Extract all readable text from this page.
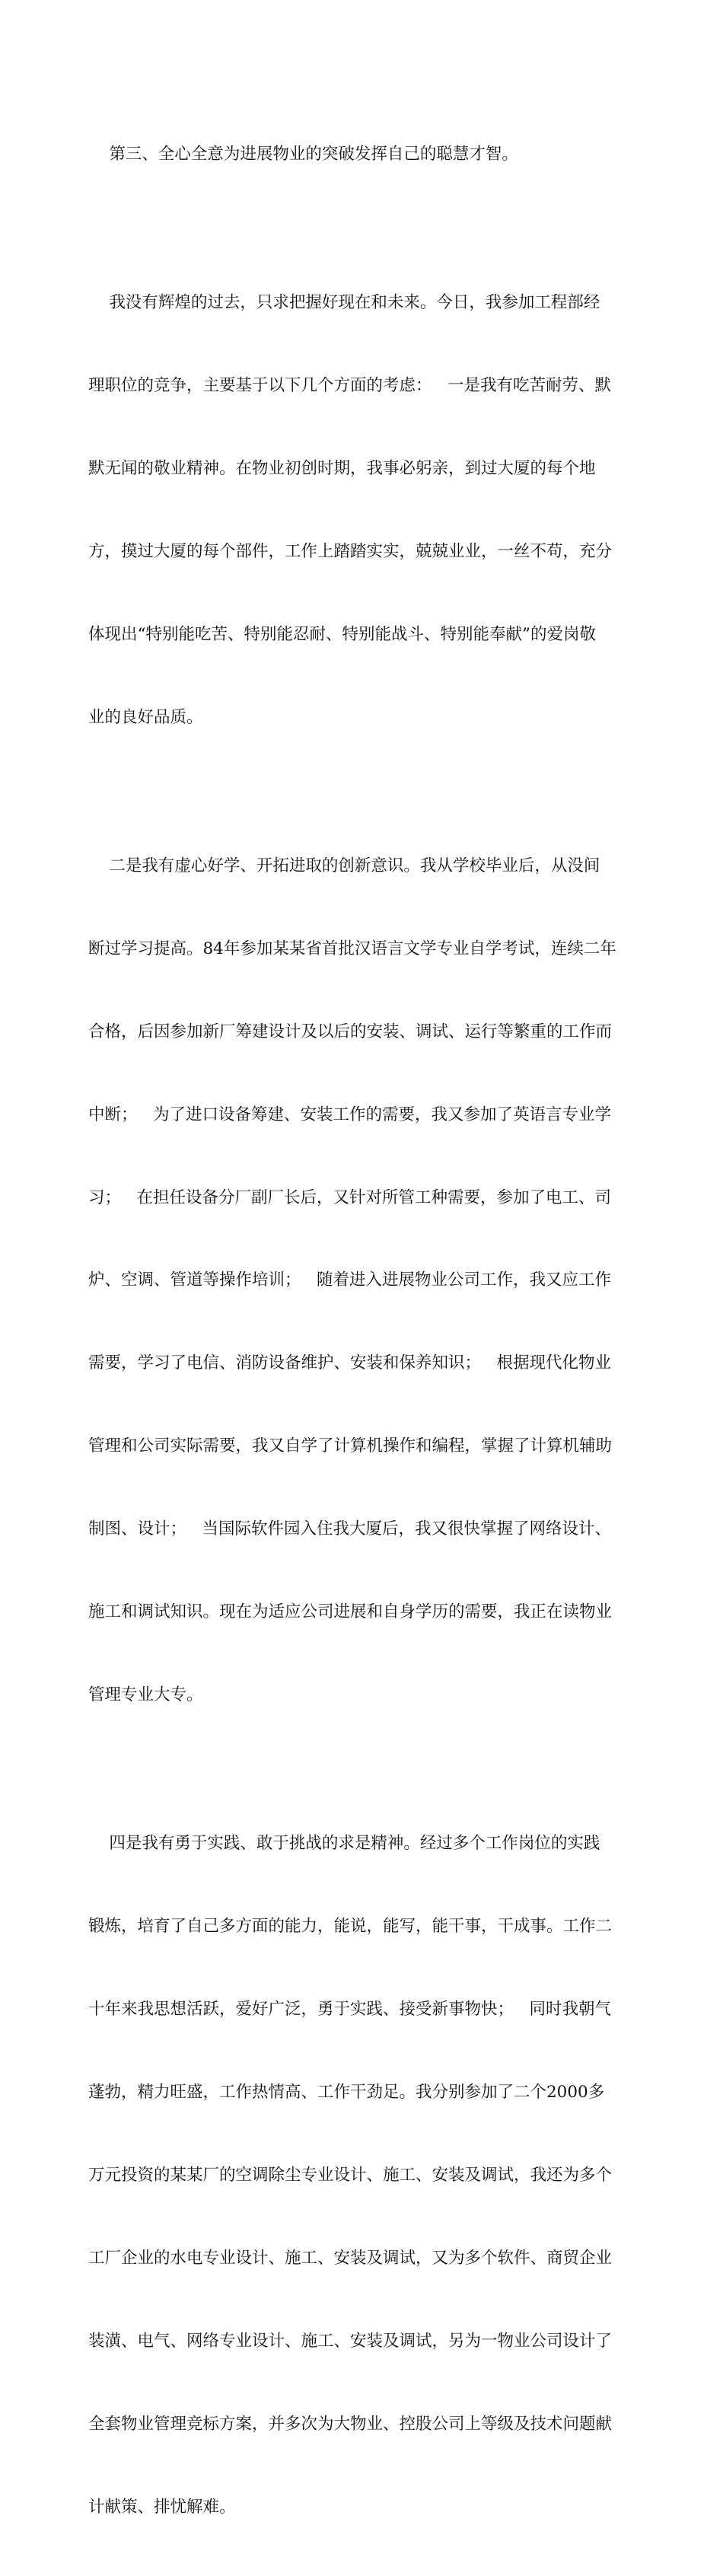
第三、全心全意为进展物业的突破发挥自己的聪慧才智。

我没有辉煌的过去，只求把握好现在和未来。今日，我参加工程部经

理职位的竞争，主要基于以下几个方面的考虑：   一是我有吃苦耐劳、默

默无闻的敬业精神。在物业初创时期，我事必躬亲，到过大厦的每个地

方，摸过大厦的每个部件，工作上踏踏实实，兢兢业业，一丝不苟，充分

体现出“特别能吃苦、特别能忍耐、特别能战斗、特别能奉献”的爱岗敬

业的良好品质。

二是我有虚心好学、开拓进取的创新意识。我从学校毕业后，从没间

断过学习提高。84年参加某某省首批汉语言文学专业自学考试，连续二年

合格，后因参加新厂筹建设计及以后的安装、调试、运行等繁重的工作而

中断；   为了进口设备筹建、安装工作的需要，我又参加了英语言专业学

习；   在担任设备分厂副厂长后，又针对所管工种需要，参加了电工、司

炉、空调、管道等操作培训；   随着进入进展物业公司工作，我又应工作

需要，学习了电信、消防设备维护、安装和保养知识；   根据现代化物业

管理和公司实际需要，我又自学了计算机操作和编程，掌握了计算机辅助

制图、设计；   当国际软件园入住我大厦后，我又很快掌握了网络设计、

施工和调试知识。现在为适应公司进展和自身学历的需要，我正在读物业

管理专业大专。

四是我有勇于实践、敢于挑战的求是精神。经过多个工作岗位的实践

锻炼，培育了自己多方面的能力，能说，能写，能干事，干成事。工作二

十年来我思想活跃，爱好广泛，勇于实践、接受新事物快；   同时我朝气

蓬勃，精力旺盛，工作热情高、工作干劲足。我分别参加了二个2000多

万元投资的某某厂的空调除尘专业设计、施工、安装及调试，我还为多个

工厂企业的水电专业设计、施工、安装及调试，又为多个软件、商贸企业

装潢、电气、网络专业设计、施工、安装及调试，另为一物业公司设计了

全套物业管理竞标方案，并多次为大物业、控股公司上等级及技术问题献

计献策、排忧解难。
